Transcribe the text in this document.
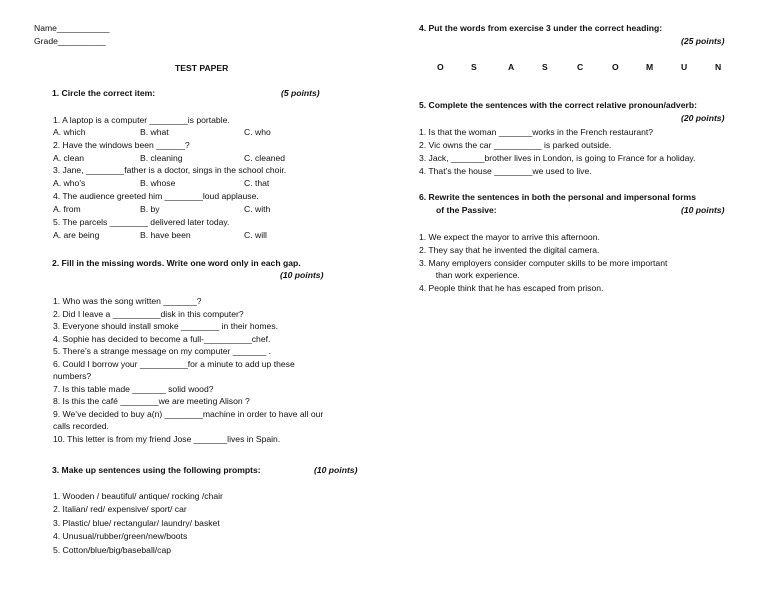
Name___________
Grade__________
TEST PAPER
1. Circle the correct item:	(5 points)
1. A laptop is a computer ________is portable.
A. which	B. what	C. who
2. Have the windows been ______?
A. clean	B. cleaning	C. cleaned
3. Jane, ________father is a doctor, sings in the school choir.
A. who’s	B. whose	C. that
4. The audience greeted him ________loud applause.
A. from	B. by	C. with
5. The parcels ________ delivered later today.
A. are being	B. have been	C. will
2. Fill in the missing words. Write one word only in each gap.
(10 points)
1. Who was the song written _______?
2. Did I leave a __________disk in this computer?
3. Everyone should install smoke ________ in their homes.
4. Sophie has decided to become a full-__________chef.
5. There’s a strange message on my computer _______ .
6. Could I borrow your __________for a minute to add up these
numbers?
7. Is this table made _______ solid wood?
8. Is this the café ________we are meeting Alison ?
9. We’ve decided to buy a(n) ________machine in order to have all our
calls recorded.
10. This letter is from my friend Jose _______lives in Spain.
3. Make up sentences using the following prompts:	(10 points)
1. Wooden / beautiful/ antique/ rocking /chair
2. Italian/ red/ expensive/ sport/ car
3. Plastic/ blue/ rectangular/ laundry/ basket
4. Unusual/rubber/green/new/boots
5. Cotton/blue/big/baseball/cap
4. Put the words from exercise 3 under the correct heading:
(25 points)
O	S	A	S	C	O	M	U	N
5. Complete the sentences with the correct relative pronoun/adverb:
(20 points)
1. Is that the woman _______works in the French restaurant?
2. Vic owns the car __________ is parked outside.
3. Jack, _______brother lives in London, is going to France for a holiday.
4. That’s the house ________we used to live.
6. Rewrite the sentences in both the personal and impersonal forms
of the Passive:	(10 points)
1. We expect the mayor to arrive this afternoon.
2. They say that he invented the digital camera.
3. Many employers consider computer skills to be more important
than work experience.
4. People think that he has escaped from prison.
